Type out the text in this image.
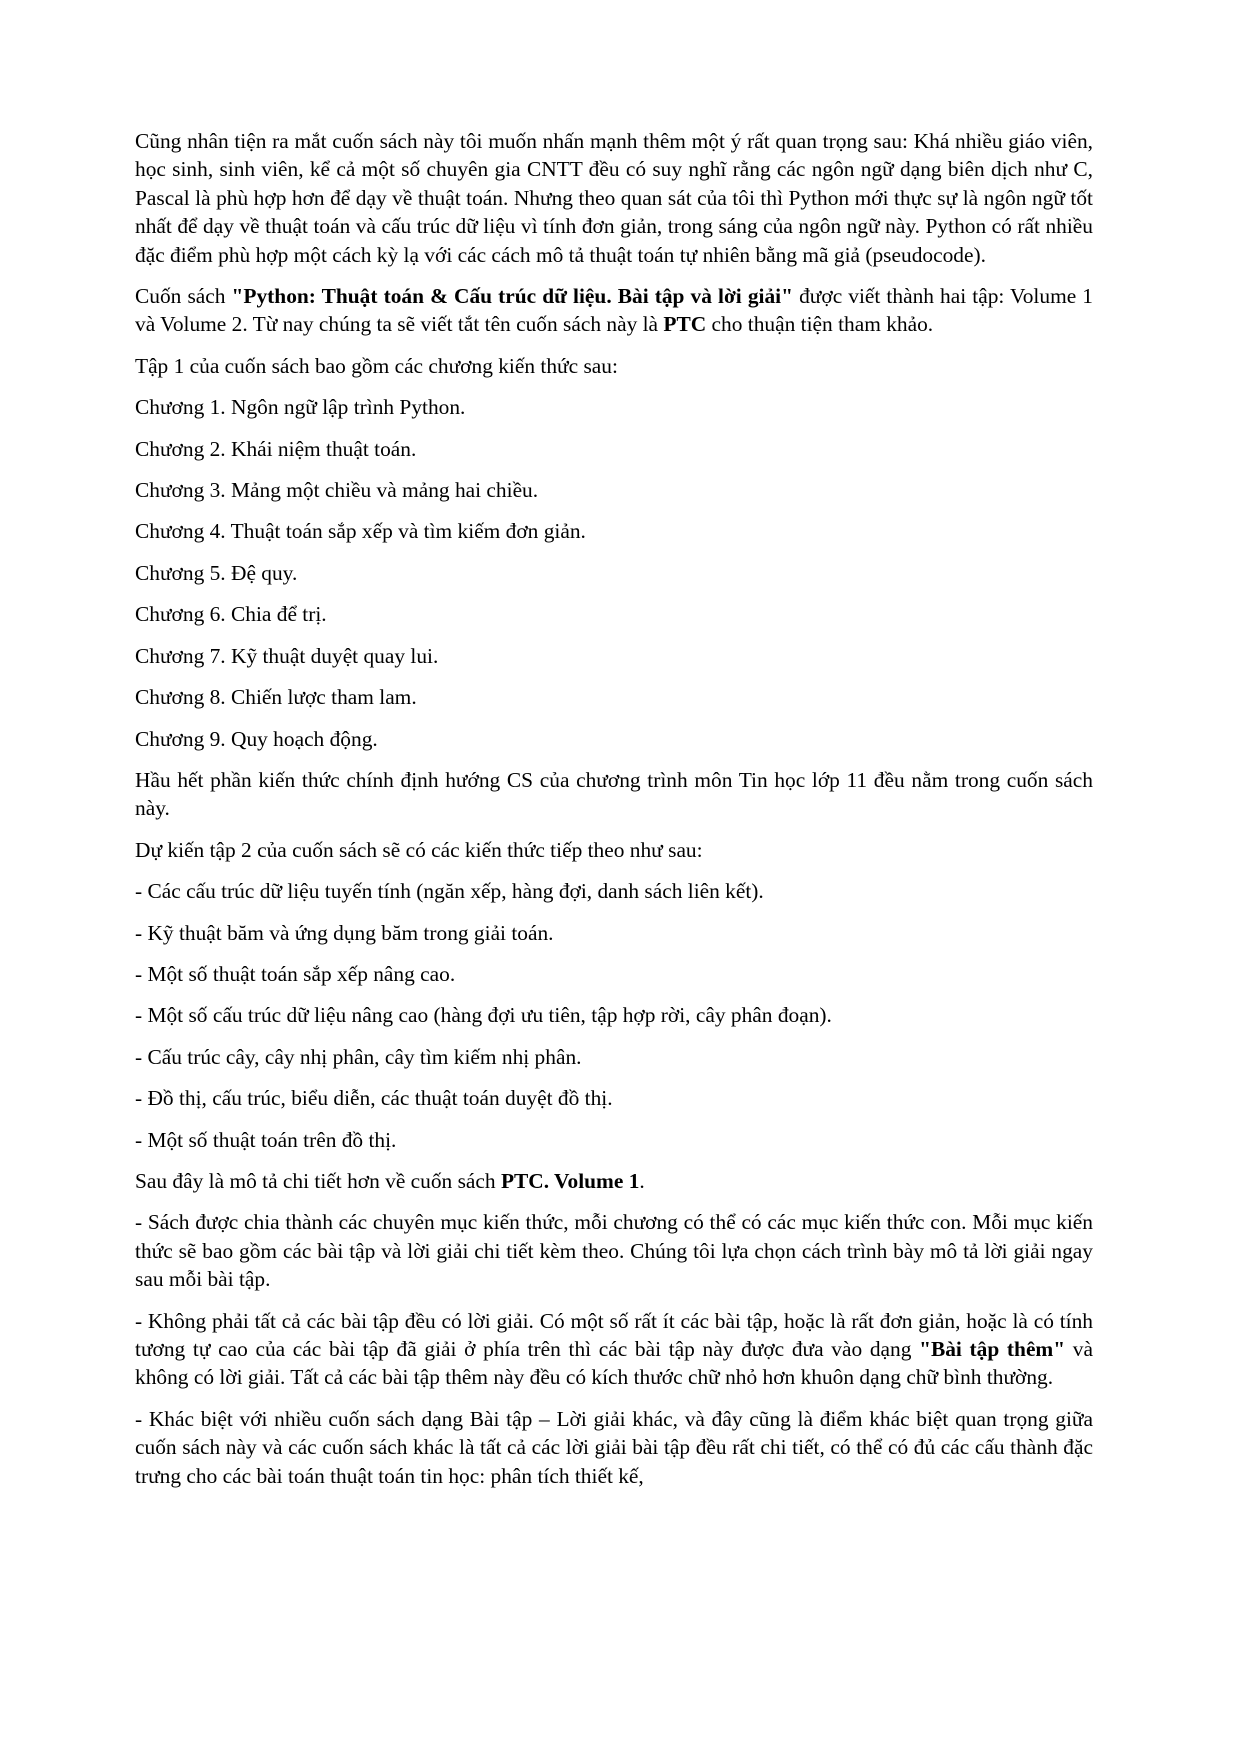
Cũng nhân tiện ra mắt cuốn sách này tôi muốn nhấn mạnh thêm một ý rất quan trọng sau: Khá nhiều giáo viên, học sinh, sinh viên, kể cả một số chuyên gia CNTT đều có suy nghĩ rằng các ngôn ngữ dạng biên dịch như C, Pascal là phù hợp hơn để dạy về thuật toán. Nhưng theo quan sát của tôi thì Python mới thực sự là ngôn ngữ tốt nhất để dạy về thuật toán và cấu trúc dữ liệu vì tính đơn giản, trong sáng của ngôn ngữ này. Python có rất nhiều đặc điểm phù hợp một cách kỳ lạ với các cách mô tả thuật toán tự nhiên bằng mã giả (pseudocode).

Cuốn sách "Python: Thuật toán & Cấu trúc dữ liệu. Bài tập và lời giải" được viết thành hai tập: Volume 1 và Volume 2. Từ nay chúng ta sẽ viết tắt tên cuốn sách này là PTC cho thuận tiện tham khảo.

Tập 1 của cuốn sách bao gồm các chương kiến thức sau:

Chương 1. Ngôn ngữ lập trình Python.

Chương 2. Khái niệm thuật toán.

Chương 3. Mảng một chiều và mảng hai chiều.

Chương 4. Thuật toán sắp xếp và tìm kiếm đơn giản.

Chương 5. Đệ quy.

Chương 6. Chia để trị.

Chương 7. Kỹ thuật duyệt quay lui.

Chương 8. Chiến lược tham lam.

Chương 9. Quy hoạch động.

Hầu hết phần kiến thức chính định hướng CS của chương trình môn Tin học lớp 11 đều nằm trong cuốn sách này.

Dự kiến tập 2 của cuốn sách sẽ có các kiến thức tiếp theo như sau:

- Các cấu trúc dữ liệu tuyến tính (ngăn xếp, hàng đợi, danh sách liên kết).

- Kỹ thuật băm và ứng dụng băm trong giải toán.

- Một số thuật toán sắp xếp nâng cao.

- Một số cấu trúc dữ liệu nâng cao (hàng đợi ưu tiên, tập hợp rời, cây phân đoạn).

- Cấu trúc cây, cây nhị phân, cây tìm kiếm nhị phân.

- Đồ thị, cấu trúc, biểu diễn, các thuật toán duyệt đồ thị.

- Một số thuật toán trên đồ thị.

Sau đây là mô tả chi tiết hơn về cuốn sách PTC. Volume 1.

- Sách được chia thành các chuyên mục kiến thức, mỗi chương có thể có các mục kiến thức con. Mỗi mục kiến thức sẽ bao gồm các bài tập và lời giải chi tiết kèm theo. Chúng tôi lựa chọn cách trình bày mô tả lời giải ngay sau mỗi bài tập.

- Không phải tất cả các bài tập đều có lời giải. Có một số rất ít các bài tập, hoặc là rất đơn giản, hoặc là có tính tương tự cao của các bài tập đã giải ở phía trên thì các bài tập này được đưa vào dạng "Bài tập thêm" và không có lời giải. Tất cả các bài tập thêm này đều có kích thước chữ nhỏ hơn khuôn dạng chữ bình thường.

- Khác biệt với nhiều cuốn sách dạng Bài tập – Lời giải khác, và đây cũng là điểm khác biệt quan trọng giữa cuốn sách này và các cuốn sách khác là tất cả các lời giải bài tập đều rất chi tiết, có thể có đủ các cấu thành đặc trưng cho các bài toán thuật toán tin học: phân tích thiết kế,
